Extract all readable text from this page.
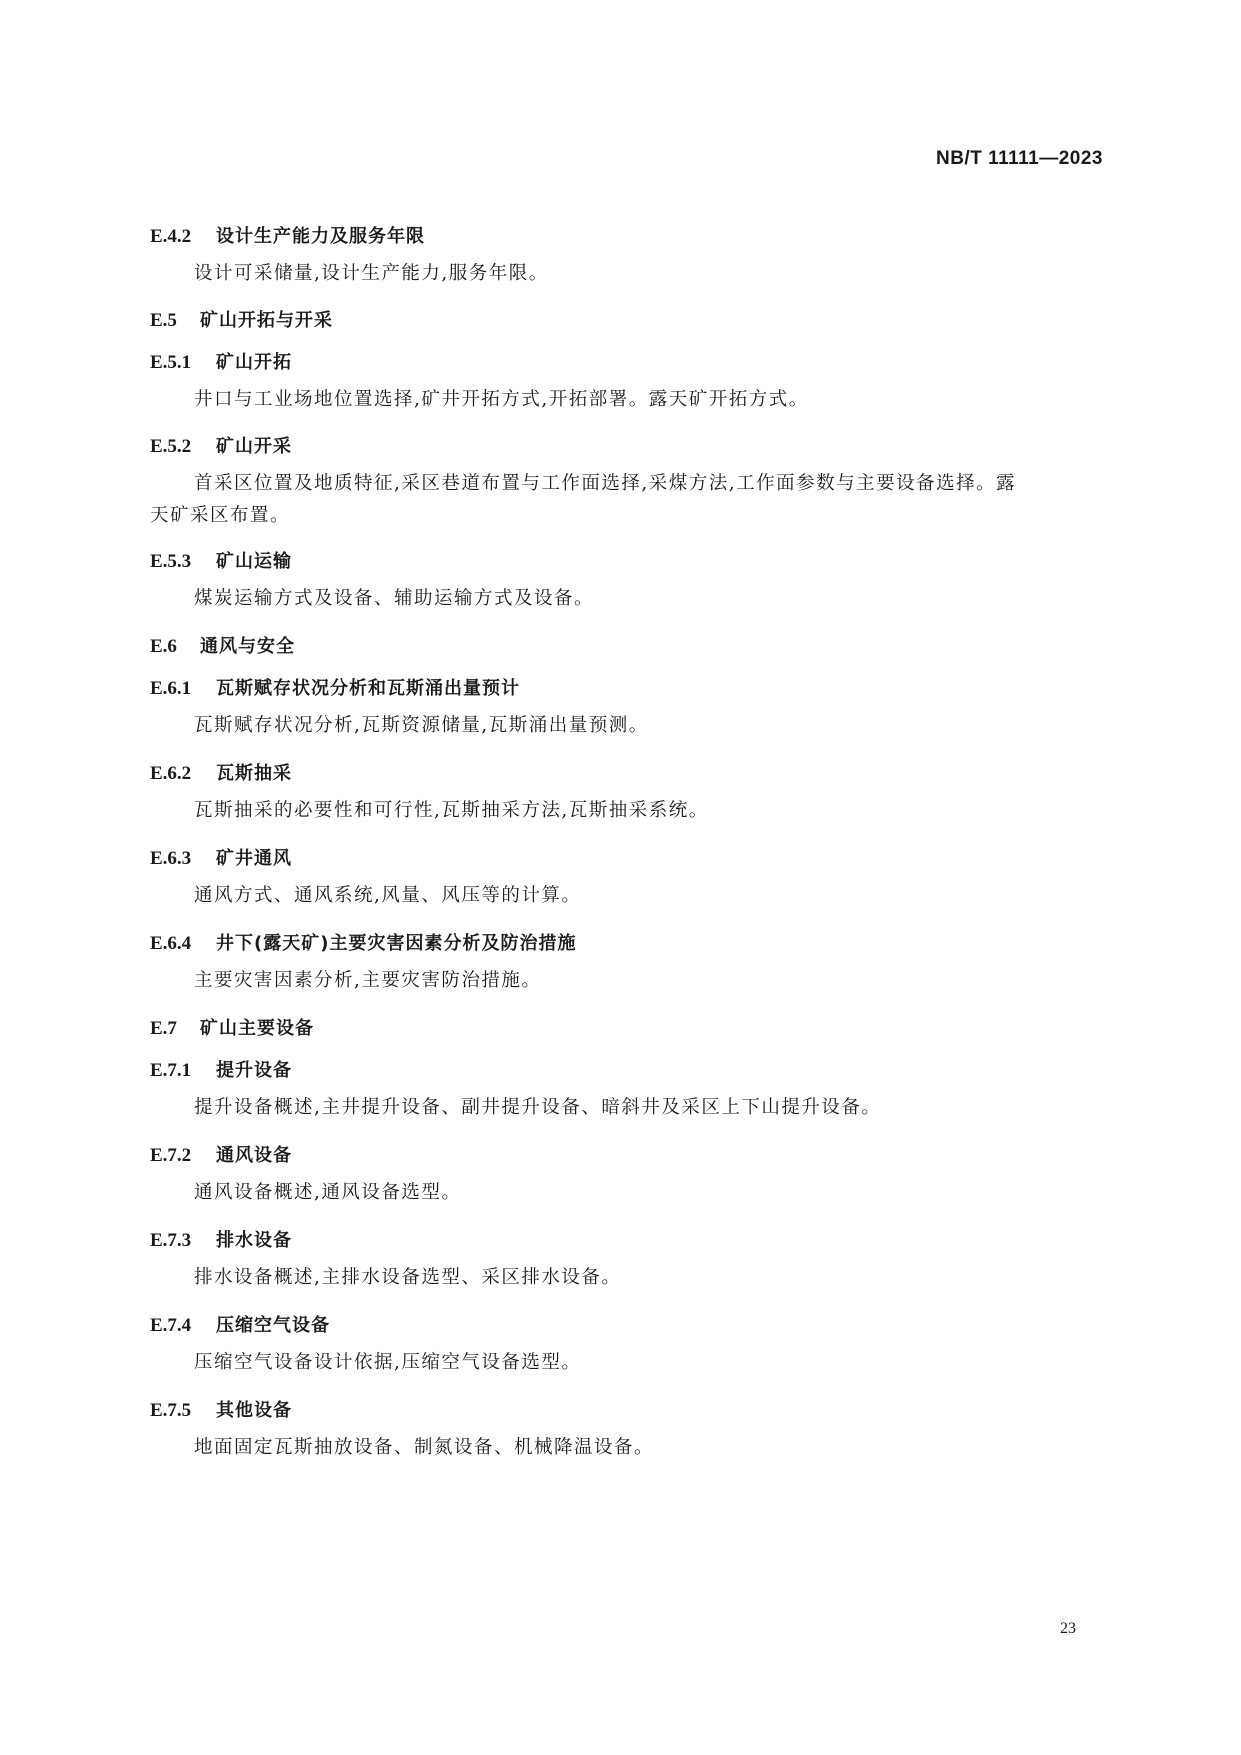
NB/T 11111—2023

E.4.2 设计生产能力及服务年限

设计可采储量,设计生产能力,服务年限。

E.5 矿山开拓与开采
E.5.1 矿山开拓

井口与工业场地位置选择,矿井开拓方式,开拓部署。露天矿开拓方式。

E.5.2 矿山开采

首采区位置及地质特征,采区巷道布置与工作面选择,采煤方法,工作面参数与主要设备选择。露

天矿采区布置。

E.5.3 矿山运输

煤炭运输方式及设备、辅助运输方式及设备。

E.6 通风与安全
E.6.1 瓦斯赋存状况分析和瓦斯涌出量预计

瓦斯赋存状况分析,瓦斯资源储量,瓦斯涌出量预测。

E.6.2 瓦斯抽采

瓦斯抽采的必要性和可行性,瓦斯抽采方法,瓦斯抽采系统。

E.6.3 矿井通风

通风方式、通风系统,风量、风压等的计算。

E.6.4 井下(露天矿)主要灾害因素分析及防治措施

主要灾害因素分析,主要灾害防治措施。

E.7 矿山主要设备
E.7.1 提升设备

提升设备概述,主井提升设备、副井提升设备、暗斜井及采区上下山提升设备。

E.7.2 通风设备

通风设备概述,通风设备选型。

E.7.3 排水设备

排水设备概述,主排水设备选型、采区排水设备。

E.7.4 压缩空气设备

压缩空气设备设计依据,压缩空气设备选型。

E.7.5 其他设备

地面固定瓦斯抽放设备、制氮设备、机械降温设备。

23
